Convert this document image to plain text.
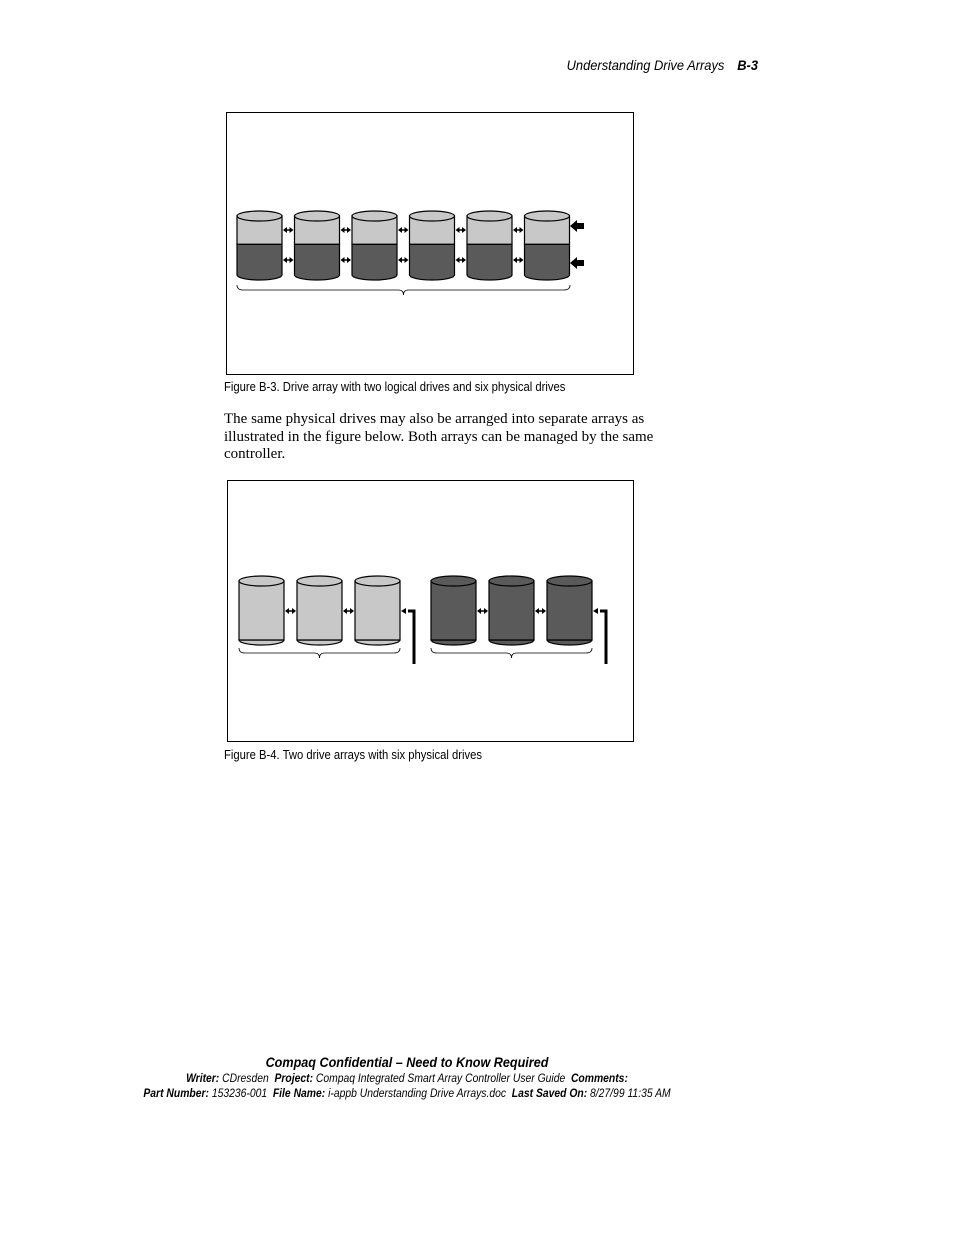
Understanding Drive Arrays B-3
Figure B-3. Drive array with two logical drives and six physical drives
The same physical drives may also be arranged into separate arrays as illustrated in the figure below. Both arrays can be managed by the same controller.
Figure B-4. Two drive arrays with six physical drives
Compaq Confidential – Need to Know Required
Writer: CDresden Project: Compaq Integrated Smart Array Controller User Guide Comments:
Part Number: 153236-001 File Name: i-appb Understanding Drive Arrays.doc Last Saved On: 8/27/99 11:35 AM
